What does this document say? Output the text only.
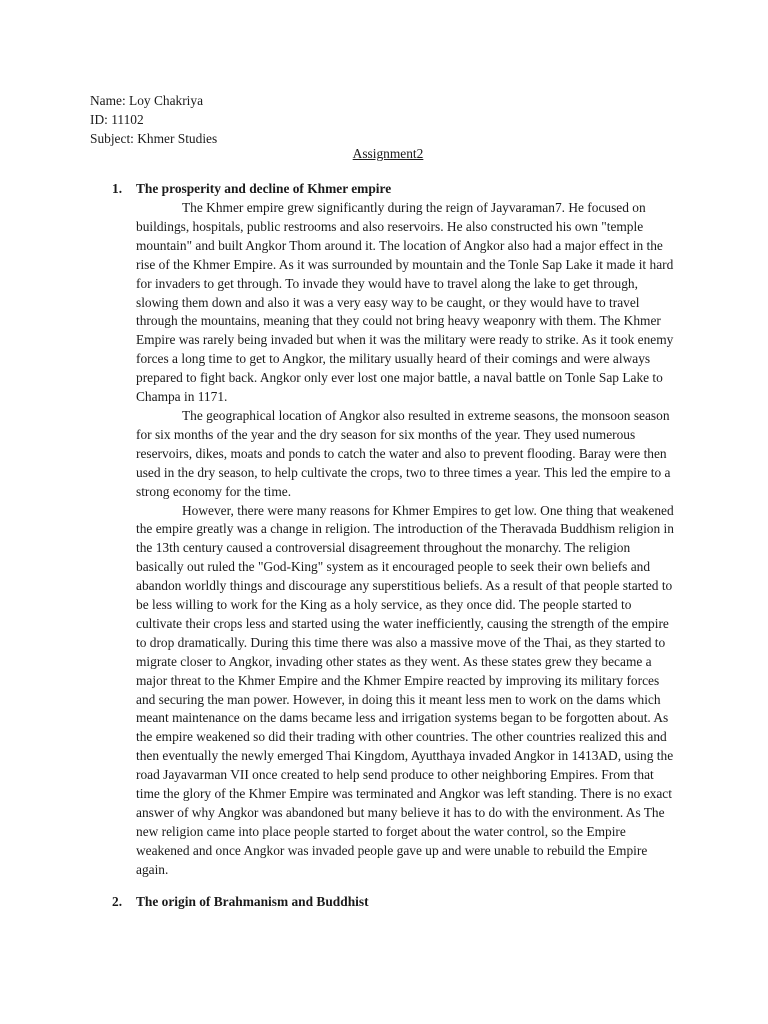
Name: Loy Chakriya
ID: 11102
Subject: Khmer Studies
Assignment2
1. The prosperity and decline of Khmer empire

The Khmer empire grew significantly during the reign of Jayvaraman7. He focused on buildings, hospitals, public restrooms and also reservoirs. He also constructed his own "temple mountain" and built Angkor Thom around it. The location of Angkor also had a major effect in the rise of the Khmer Empire. As it was surrounded by mountain and the Tonle Sap Lake it made it hard for invaders to get through. To invade they would have to travel along the lake to get through, slowing them down and also it was a very easy way to be caught, or they would have to travel through the mountains, meaning that they could not bring heavy weaponry with them. The Khmer Empire was rarely being invaded but when it was the military were ready to strike. As it took enemy forces a long time to get to Angkor, the military usually heard of their comings and were always prepared to fight back. Angkor only ever lost one major battle, a naval battle on Tonle Sap Lake to Champa in 1171.

The geographical location of Angkor also resulted in extreme seasons, the monsoon season for six months of the year and the dry season for six months of the year. They used numerous reservoirs, dikes, moats and ponds to catch the water and also to prevent flooding. Baray were then used in the dry season, to help cultivate the crops, two to three times a year. This led the empire to a strong economy for the time.

However, there were many reasons for Khmer Empires to get low. One thing that weakened the empire greatly was a change in religion. The introduction of the Theravada Buddhism religion in the 13th century caused a controversial disagreement throughout the monarchy. The religion basically out ruled the "God-King" system as it encouraged people to seek their own beliefs and abandon worldly things and discourage any superstitious beliefs. As a result of that people started to be less willing to work for the King as a holy service, as they once did. The people started to cultivate their crops less and started using the water inefficiently, causing the strength of the empire to drop dramatically. During this time there was also a massive move of the Thai, as they started to migrate closer to Angkor, invading other states as they went. As these states grew they became a major threat to the Khmer Empire and the Khmer Empire reacted by improving its military forces and securing the man power. However, in doing this it meant less men to work on the dams which meant maintenance on the dams became less and irrigation systems began to be forgotten about. As the empire weakened so did their trading with other countries. The other countries realized this and then eventually the newly emerged Thai Kingdom, Ayutthaya invaded Angkor in 1413AD, using the road Jayavarman VII once created to help send produce to other neighboring Empires. From that time the glory of the Khmer Empire was terminated and Angkor was left standing. There is no exact answer of why Angkor was abandoned but many believe it has to do with the environment. As The new religion came into place people started to forget about the water control, so the Empire weakened and once Angkor was invaded people gave up and were unable to rebuild the Empire again.

2. The origin of Brahmanism and Buddhist
